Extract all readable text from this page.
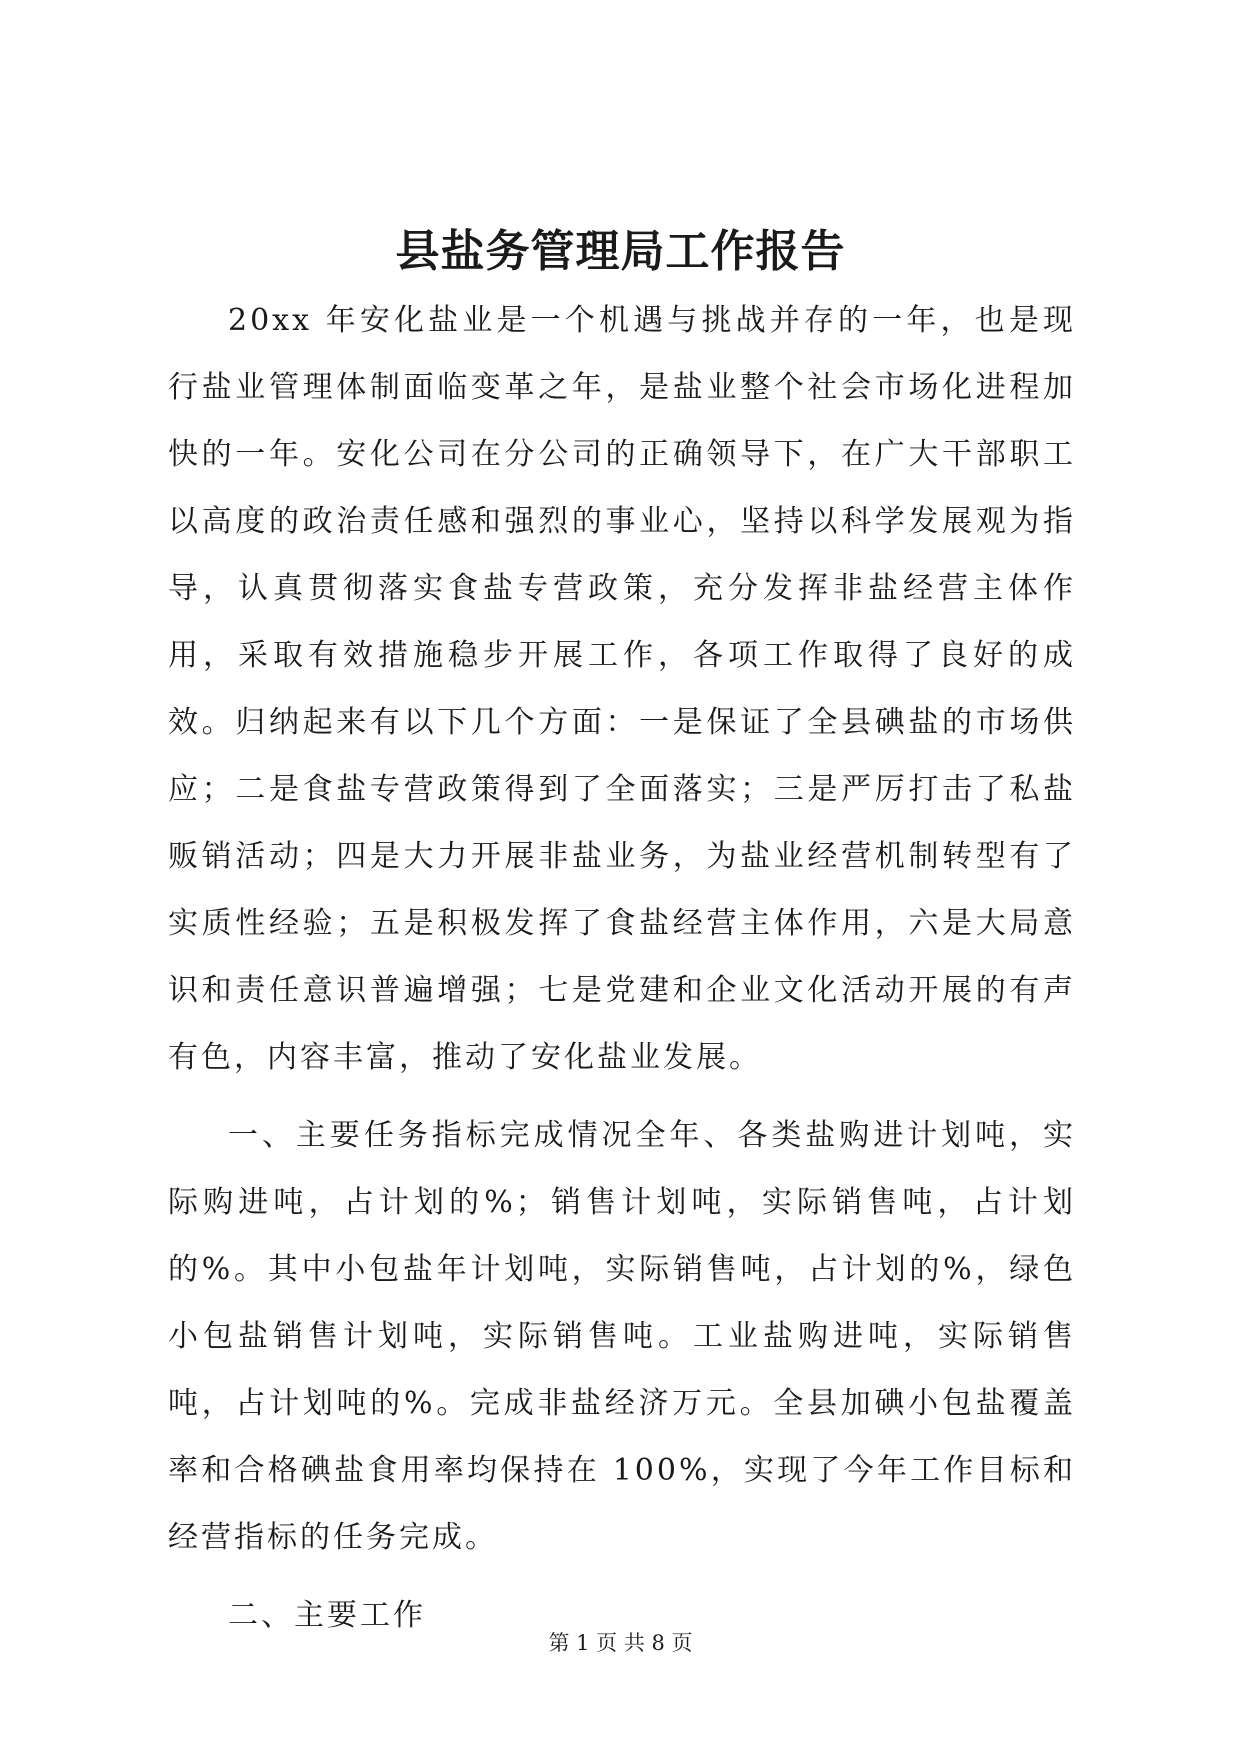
县盐务管理局工作报告

20xx 年安化盐业是一个机遇与挑战并存的一年，也是现行盐业管理体制面临变革之年，是盐业整个社会市场化进程加快的一年。安化公司在分公司的正确领导下，在广大干部职工以高度的政治责任感和强烈的事业心，坚持以科学发展观为指导，认真贯彻落实食盐专营政策，充分发挥非盐经营主体作用，采取有效措施稳步开展工作，各项工作取得了良好的成效。归纳起来有以下几个方面：一是保证了全县碘盐的市场供应；二是食盐专营政策得到了全面落实；三是严厉打击了私盐贩销活动；四是大力开展非盐业务，为盐业经营机制转型有了实质性经验；五是积极发挥了食盐经营主体作用，六是大局意识和责任意识普遍增强；七是党建和企业文化活动开展的有声有色，内容丰富，推动了安化盐业发展。

一、主要任务指标完成情况全年、各类盐购进计划吨，实际购进吨，占计划的%；销售计划吨，实际销售吨，占计划的%。其中小包盐年计划吨，实际销售吨，占计划的%，绿色小包盐销售计划吨，实际销售吨。工业盐购进吨，实际销售吨，占计划吨的%。完成非盐经济万元。全县加碘小包盐覆盖率和合格碘盐食用率均保持在 100%，实现了今年工作目标和经营指标的任务完成。

二、主要工作

第 1 页 共 8 页
